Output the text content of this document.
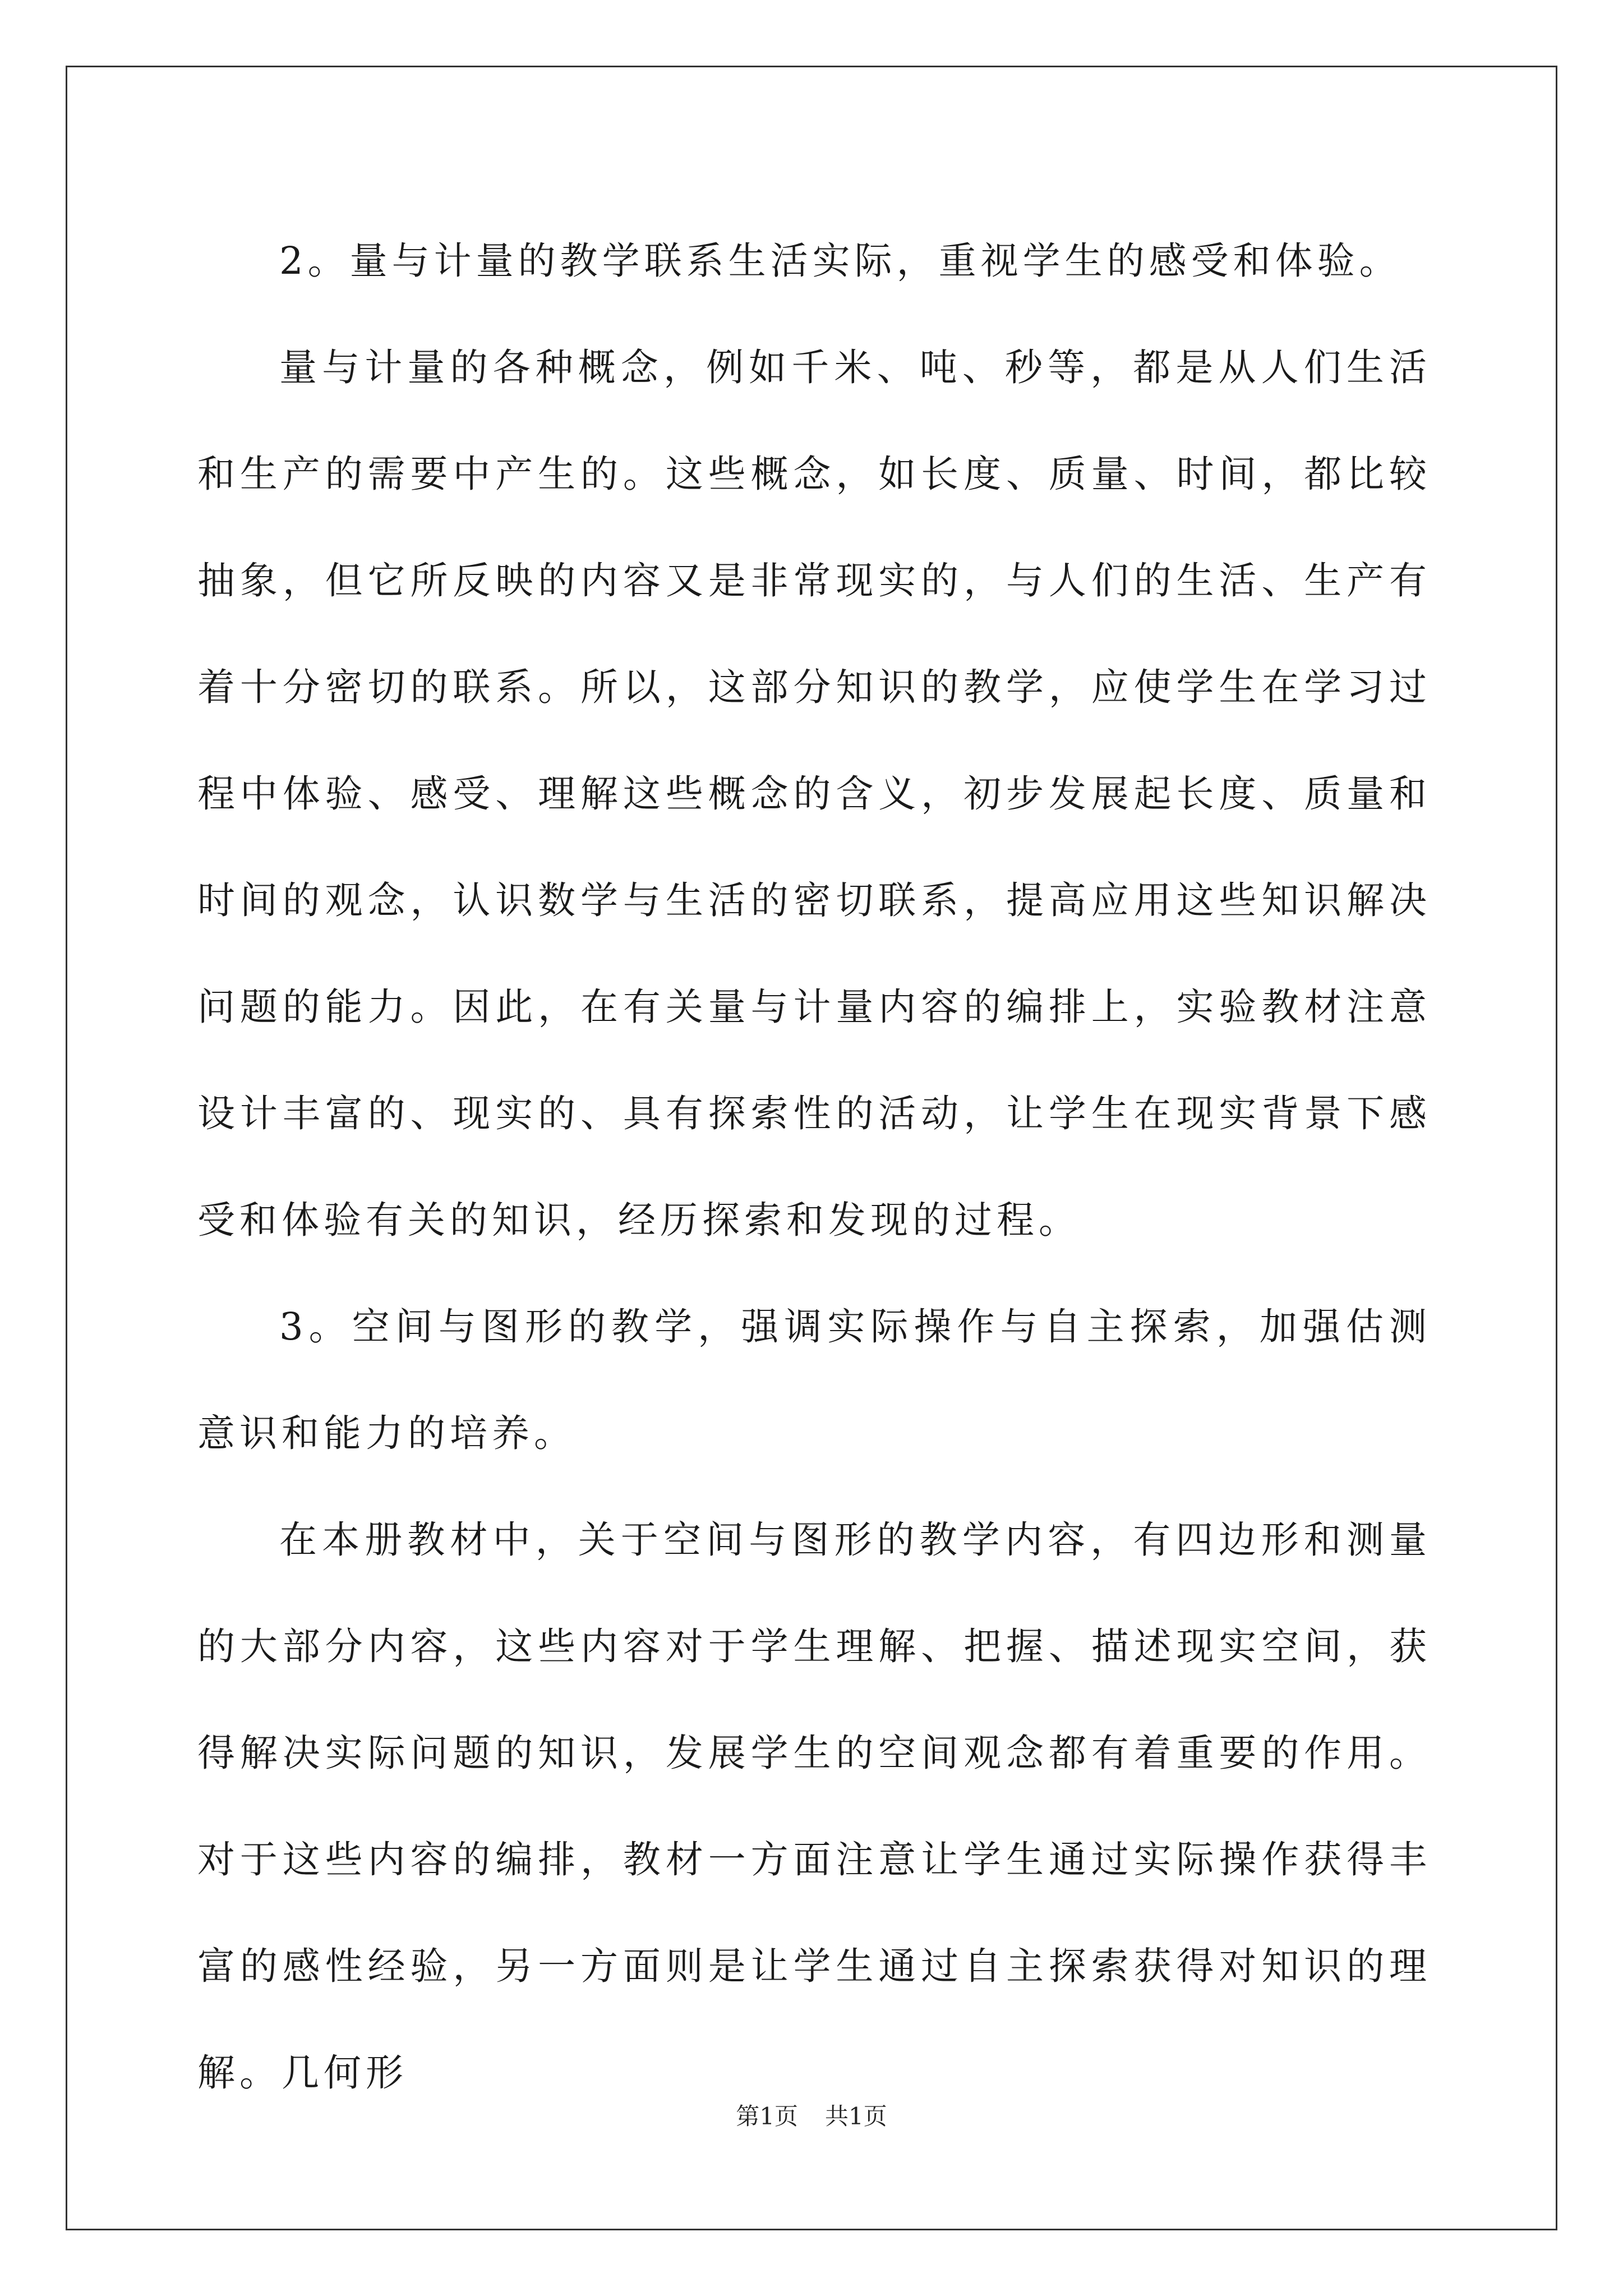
2。量与计量的教学联系生活实际，重视学生的感受和体验。

量与计量的各种概念，例如千米、吨、秒等，都是从人们生活和生产的需要中产生的。这些概念，如长度、质量、时间，都比较抽象，但它所反映的内容又是非常现实的，与人们的生活、生产有着十分密切的联系。所以，这部分知识的教学，应使学生在学习过程中体验、感受、理解这些概念的含义，初步发展起长度、质量和时间的观念，认识数学与生活的密切联系，提高应用这些知识解决问题的能力。因此，在有关量与计量内容的编排上，实验教材注意设计丰富的、现实的、具有探索性的活动，让学生在现实背景下感受和体验有关的知识，经历探索和发现的过程。

3。空间与图形的教学，强调实际操作与自主探索，加强估测意识和能力的培养。

在本册教材中，关于空间与图形的教学内容，有四边形和测量的大部分内容，这些内容对于学生理解、把握、描述现实空间，获得解决实际问题的知识，发展学生的空间观念都有着重要的作用。对于这些内容的编排，教材一方面注意让学生通过实际操作获得丰富的感性经验，另一方面则是让学生通过自主探索获得对知识的理解。几何形

第1页 共1页
